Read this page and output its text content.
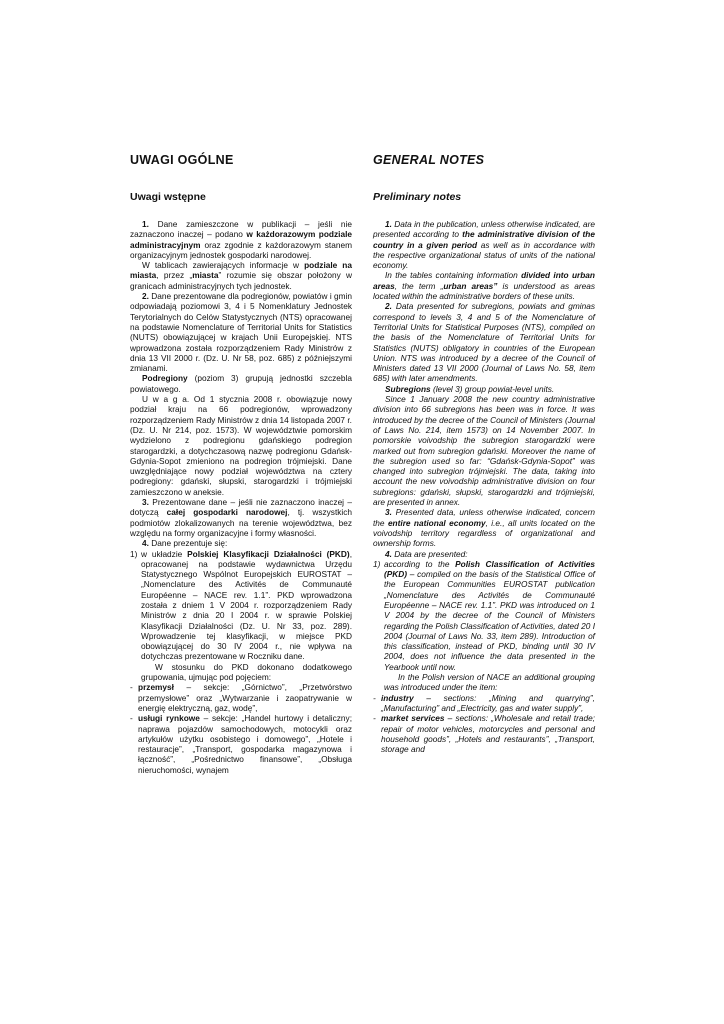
UWAGI OGÓLNE
Uwagi wstępne

1. Dane zamieszczone w publikacji – jeśli nie zaznaczono inaczej – podano w każdorazowym podziale administracyjnym oraz zgodnie z każdorazowym stanem organizacyjnym jednostek gospodarki narodowej.

W tablicach zawierających informacje w podziale na miasta, przez „miasta” rozumie się obszar położony w granicach administracyjnych tych jednostek.

2. Dane prezentowane dla podregionów, powiatów i gmin odpowiadają poziomowi 3, 4 i 5 Nomenklatury Jednostek Terytorialnych do Celów Statystycznych (NTS) opracowanej na podstawie Nomenclature of Territorial Units for Statistics (NUTS) obowiązującej w krajach Unii Europejskiej. NTS wprowadzona została rozporządzeniem Rady Ministrów z dnia 13 VII 2000 r. (Dz. U. Nr 58, poz. 685) z późniejszymi zmianami.

Podregiony (poziom 3) grupują jednostki szczebla powiatowego.

U w a g a. Od 1 stycznia 2008 r. obowiązuje nowy podział kraju na 66 podregionów, wprowadzony rozporządzeniem Rady Ministrów z dnia 14 listopada 2007 r. (Dz. U. Nr 214, poz. 1573). W województwie pomorskim wydzielono z podregionu gdańskiego podregion starogardzki, a dotychczasową nazwę podregionu Gdańsk-Gdynia-Sopot zmieniono na podregion trójmiejski. Dane uwzględniające nowy podział województwa na cztery podregiony: gdański, słupski, starogardzki i trójmiejski zamieszczono w aneksie.

3. Prezentowane dane – jeśli nie zaznaczono inaczej – dotyczą całej gospodarki narodowej, tj. wszystkich podmiotów zlokalizowanych na terenie województwa, bez względu na formy organizacyjne i formy własności.

4. Dane prezentuje się:

1) w układzie Polskiej Klasyfikacji Działalności (PKD), opracowanej na podstawie wydawnictwa Urzędu Statystycznego Wspólnot Europejskich EUROSTAT – „Nomenclature des Activités de Communauté Européenne – NACE rev. 1.1”. PKD wprowadzona została z dniem 1 V 2004 r. rozporządzeniem Rady Ministrów z dnia 20 I 2004 r. w sprawie Polskiej Klasyfikacji Działalności (Dz. U. Nr 33, poz. 289). Wprowadzenie tej klasyfikacji, w miejsce PKD obowiązującej do 30 IV 2004 r., nie wpływa na dotychczas prezentowane w Roczniku dane.

W stosunku do PKD dokonano dodatkowego grupowania, ujmując pod pojęciem:

- przemysł – sekcje: „Górnictwo”, „Przetwórstwo przemysłowe” oraz „Wytwarzanie i zaopatrywanie w energię elektryczną, gaz, wodę”,

- usługi rynkowe – sekcje: „Handel hurtowy i detaliczny; naprawa pojazdów samochodowych, motocykli oraz artykułów użytku osobistego i domowego”, „Hotele i restauracje”, „Transport, gospodarka magazynowa i łączność”, „Pośrednictwo finansowe”, „Obsługa nieruchomości, wynajem

GENERAL NOTES
Preliminary notes

1. Data in the publication, unless otherwise indicated, are presented according to the administrative division of the country in a given period as well as in accordance with the respective organizational status of units of the national economy.

In the tables containing information divided into urban areas, the term „urban areas” is understood as areas located within the administrative borders of these units.

2. Data presented for subregions, powiats and gminas correspond to levels 3, 4 and 5 of the Nomenclature of Territorial Units for Statistical Purposes (NTS), compiled on the basis of the Nomenclature of Territorial Units for Statistics (NUTS) obligatory in countries of the European Union. NTS was introduced by a decree of the Council of Ministers dated 13 VII 2000 (Journal of Laws No. 58, item 685) with later amendments.

Subregions (level 3) group powiat-level units.

Since 1 January 2008 the new country administrative division into 66 subregions has been was in force. It was introduced by the decree of the Council of Ministers (Journal of Laws No. 214, item 1573) on 14 November 2007. In pomorskie voivodship the subregion starogardzki were marked out from subregion gdański. Moreover the name of the subregion used so far: “Gdańsk-Gdynia-Sopot” was changed into subregion trójmiejski. The data, taking into account the new voivodship administrative division on four subregions: gdański, słupski, starogardzki and trójmiejski, are presented in annex.

3. Presented data, unless otherwise indicated, concern the entire national economy, i.e., all units located on the voivodship territory regardless of organizational and ownership forms.

4. Data are presented:

1) according to the Polish Classification of Activities (PKD) – compiled on the basis of the Statistical Office of the European Communities EUROSTAT publication „Nomenclature des Activités de Communauté Européenne – NACE rev. 1.1”. PKD was introduced on 1 V 2004 by the decree of the Council of Ministers regarding the Polish Classification of Activities, dated 20 I 2004 (Journal of Laws No. 33, item 289). Introduction of this classification, instead of PKD, binding until 30 IV 2004, does not influence the data presented in the Yearbook until now.

In the Polish version of NACE an additional grouping was introduced under the item:

- industry – sections: „Mining and quarrying”, „Manufacturing” and „Electricity, gas and water supply”,

- market services – sections: „Wholesale and retail trade; repair of motor vehicles, motorcycles and personal and household goods”, „Hotels and restaurants”, „Transport, storage and
